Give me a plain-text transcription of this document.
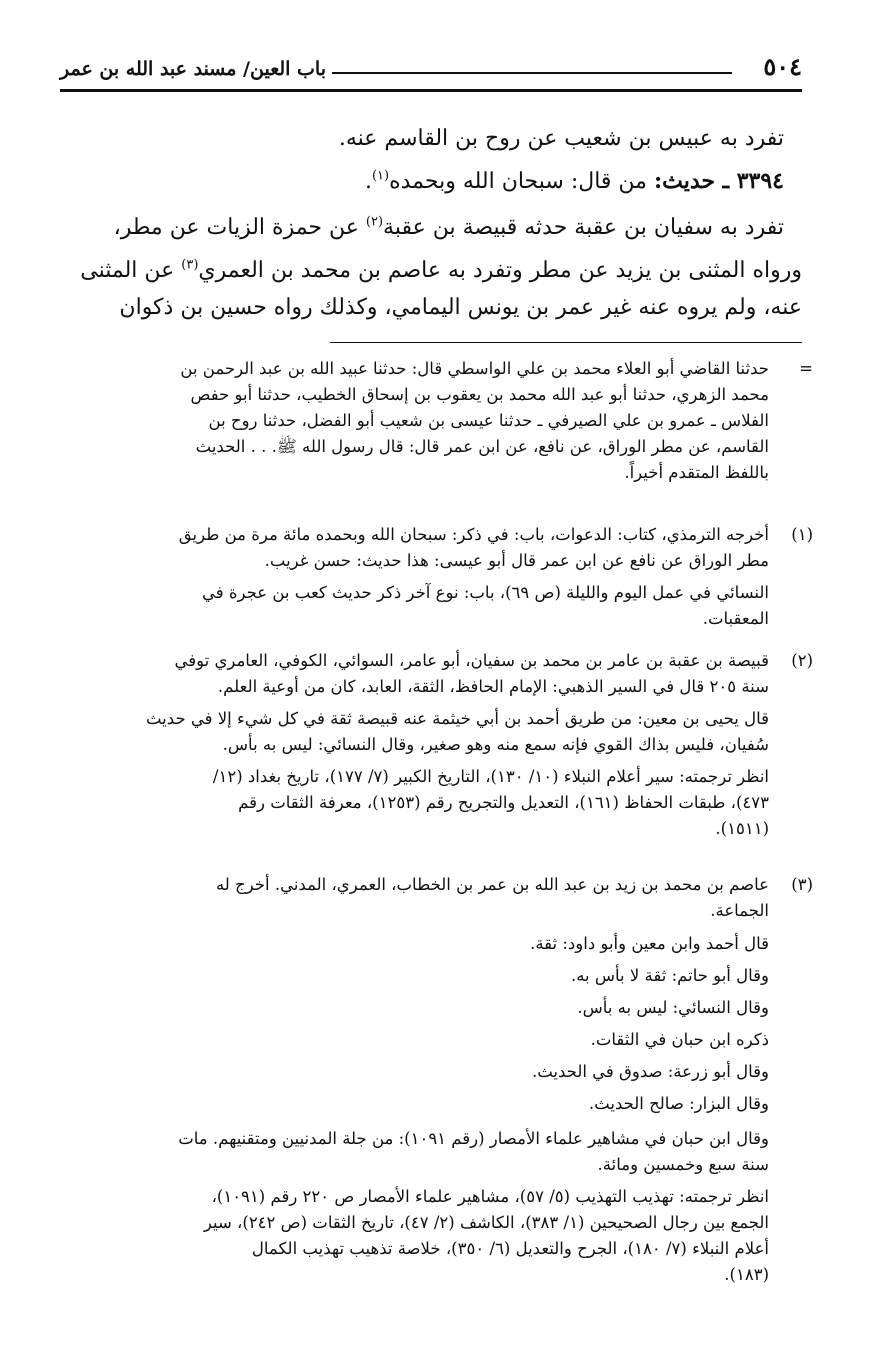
٥٠٤
باب العين/ مسند عبد الله بن عمر
تفرد به عبيس بن شعيب عن روح بن القاسم عنه.
٣٣٩٤ ـ حديث: من قال: سبحان الله وبحمده$^{(١)}$.
تفرد به سفيان بن عقبة حدثه قبيصة بن عقبة$^{(٢)}$ عن حمزة الزيات عن مطر،
ورواه المثنى بن يزيد عن مطر وتفرد به عاصم بن محمد بن العمري$^{(٣)}$ عن المثنى
عنه، ولم يروه عنه غير عمر بن يونس اليمامي، وكذلك رواه حسين بن ذكوان
=
حدثنا القاضي أبو العلاء محمد بن علي الواسطي قال: حدثنا عبيد الله بن عبد الرحمن بن
محمد الزهري، حدثنا أبو عبد الله محمد بن يعقوب بن إسحاق الخطيب، حدثنا أبو حفص
الفلاس ـ عمرو بن علي الصيرفي ـ حدثنا عيسى بن شعيب أبو الفضل، حدثنا روح بن
القاسم، عن مطر الوراق، عن نافع، عن ابن عمر قال: قال رسول الله ﷺ. . . الحديث
باللفظ المتقدم أخيراً.
(١)
أخرجه الترمذي، كتاب: الدعوات، باب: في ذكر: سبحان الله وبحمده مائة مرة من طريق
مطر الوراق عن نافع عن ابن عمر قال أبو عيسى: هذا حديث: حسن غريب.
النسائي في عمل اليوم والليلة (ص ٦٩)، باب: نوع آخر ذكر حديث كعب بن عجرة في
المعقبات.
(٢)
قبيصة بن عقبة بن عامر بن محمد بن سفيان، أبو عامر، السوائي، الكوفي، العامري توفي
سنة ٢٠٥ قال في السير الذهبي: الإمام الحافظ، الثقة، العابد، كان من أوعية العلم.
قال يحيى بن معين: من طريق أحمد بن أبي خيثمة عنه قبيصة ثقة في كل شيء إلا في حديث
سُفيان، فليس بذاك القوي فإنه سمع منه وهو صغير، وقال النسائي: ليس به بأس.
انظر ترجمته: سير أعلام النبلاء (١٠/ ١٣٠)، التاريخ الكبير (٧/ ١٧٧)، تاريخ بغداد (١٢/
٤٧٣)، طبقات الحفاظ (١٦١)، التعديل والتجريح رقم (١٢٥٣)، معرفة الثقات رقم
(١٥١١).
(٣)
عاصم بن محمد بن زيد بن عبد الله بن عمر بن الخطاب، العمري، المدني. أخرج له
الجماعة.
قال أحمد وابن معين وأبو داود: ثقة.
وقال أبو حاتم: ثقة لا بأس به.
وقال النسائي: ليس به بأس.
ذكره ابن حبان في الثقات.
وقال أبو زرعة: صدوق في الحديث.
وقال البزار: صالح الحديث.
وقال ابن حبان في مشاهير علماء الأمصار (رقم ١٠٩١): من جلة المدنيين ومتقنيهم. مات
سنة سبع وخمسين ومائة.
انظر ترجمته: تهذيب التهذيب (٥/ ٥٧)، مشاهير علماء الأمصار ص ٢٢٠ رقم (١٠٩١)،
الجمع بين رجال الصحيحين (١/ ٣٨٣)، الكاشف (٢/ ٤٧)، تاريخ الثقات (ص ٢٤٢)، سير
أعلام النبلاء (٧/ ١٨٠)، الجرح والتعديل (٦/ ٣٥٠)، خلاصة تذهيب تهذيب الكمال
(١٨٣).
